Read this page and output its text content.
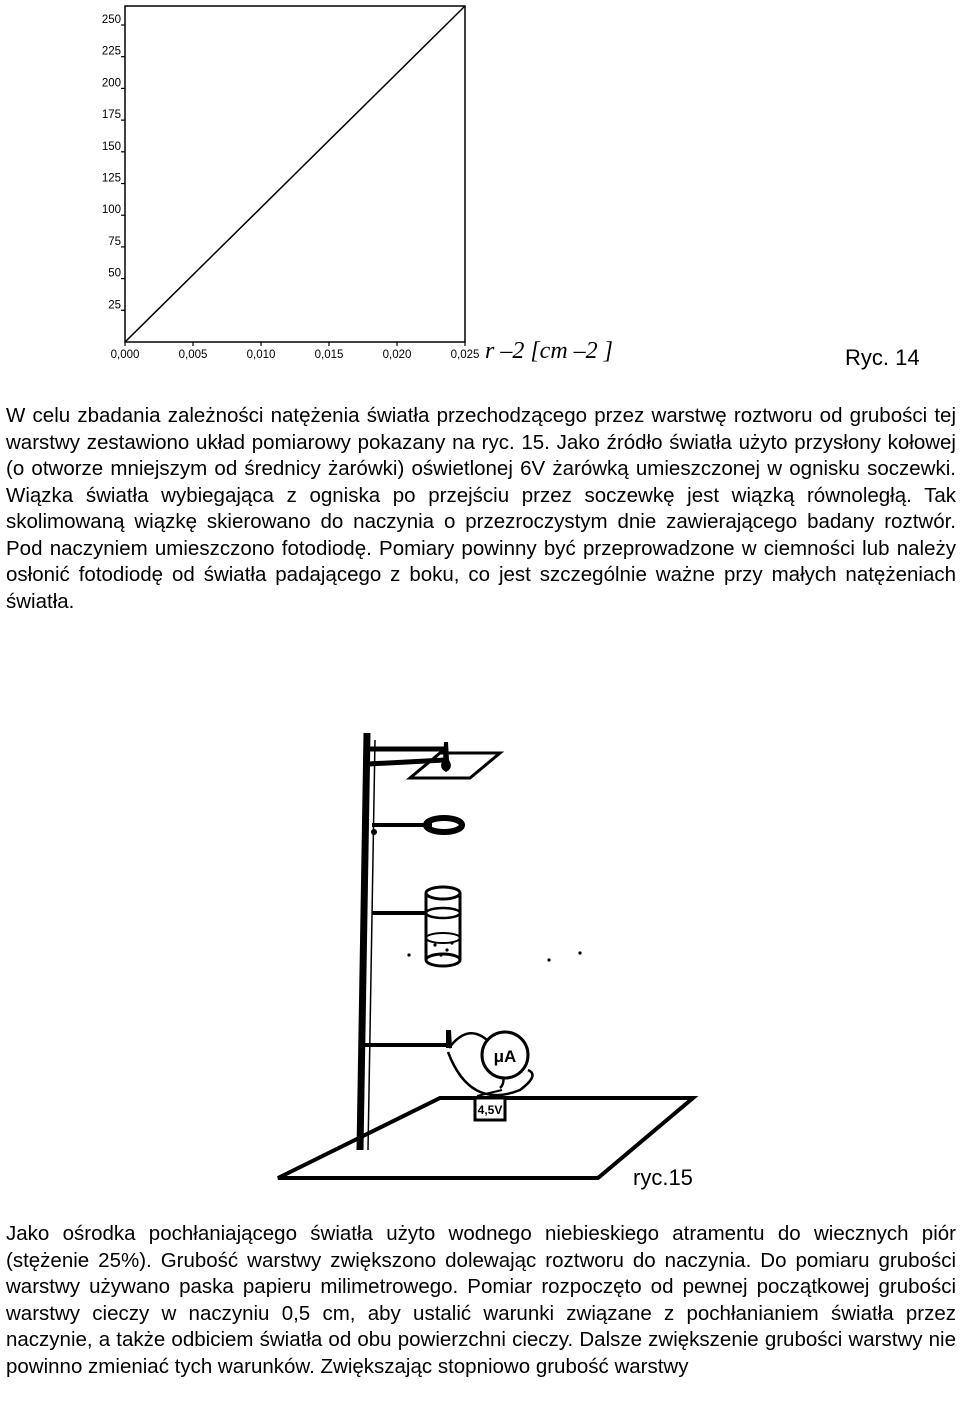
25
50
75
100
125
150
175
200
225
250
0,000	0,005	0,010	0,015	0,020	0,025 r –2 [cm –2 ]	Ryc. 14

W celu zbadania zależności natężenia światła przechodzącego przez warstwę roztworu od grubości tej warstwy zestawiono układ pomiarowy pokazany na ryc. 15. Jako źródło światła użyto przysłony kołowej (o otworze mniejszym od średnicy żarówki) oświetlonej 6V żarówką umieszczonej w ognisku soczewki. Wiązka światła wybiegająca z ogniska po przejściu przez soczewkę jest wiązką równoległą. Tak skolimowaną wiązkę skierowano do naczynia o przezroczystym dnie zawierającego badany roztwór. Pod naczyniem umieszczono fotodiodę. Pomiary powinny być przeprowadzone w ciemności lub należy osłonić fotodiodę od światła padającego z boku, co jest szczególnie ważne przy małych natężeniach światła.

μA
4,5V
ryc.15

Jako ośrodka pochłaniającego światła użyto wodnego niebieskiego atramentu do wiecznych piór (stężenie 25%). Grubość warstwy zwiększono dolewając roztworu do naczynia. Do pomiaru grubości warstwy używano paska papieru milimetrowego. Pomiar rozpoczęto od pewnej początkowej grubości warstwy cieczy w naczyniu 0,5 cm, aby ustalić warunki związane z pochłanianiem światła przez naczynie, a także odbiciem światła od obu powierzchni cieczy. Dalsze zwiększenie grubości warstwy nie powinno zmieniać tych warunków. Zwiększając stopniowo grubość warstwy
